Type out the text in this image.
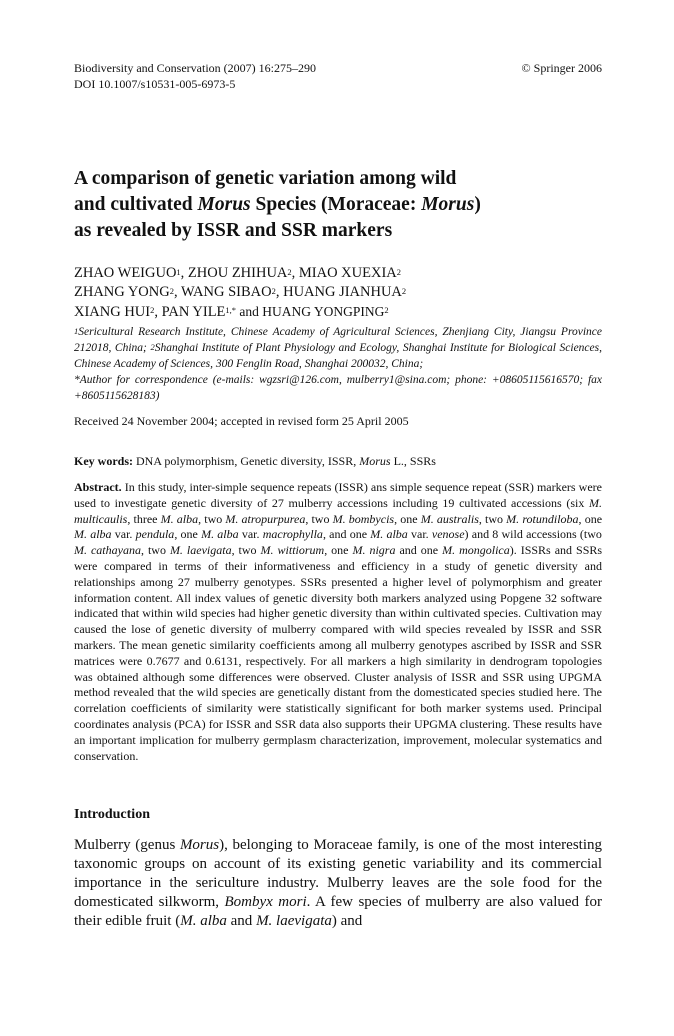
Biodiversity and Conservation (2007) 16:275–290
DOI 10.1007/s10531-005-6973-5
© Springer 2006
A comparison of genetic variation among wild
and cultivated Morus Species (Moraceae: Morus)
as revealed by ISSR and SSR markers
ZHAO WEIGUO$^1$, ZHOU ZHIHUA$^2$, MIAO XUEXIA$^2$
ZHANG YONG$^2$, WANG SIBAO$^2$, HUANG JIANHUA$^2$
XIANG HUI$^2$, PAN $YILE^{1,*}$ and HUANG YONGPING$^2$
$^1$Sericultural Research Institute, Chinese Academy of Agricultural Sciences, Zhenjiang City, Jiangsu Province 212018, China; $^2$Shanghai Institute of Plant Physiology and Ecology, Shanghai Institute for Biological Sciences, Chinese Academy of Sciences, 300 Fenglin Road, Shanghai 200032, China;
*Author for correspondence (e-mails: wgzsri@126.com, mulberry1@sina.com; phone: +08605115616570; fax +8605115628183)
Received 24 November 2004; accepted in revised form 25 April 2005
Key words: DNA polymorphism, Genetic diversity, ISSR, Morus L., SSRs
Abstract. In this study, inter-simple sequence repeats (ISSR) ans simple sequence repeat (SSR) markers were used to investigate genetic diversity of 27 mulberry accessions including 19 cultivated accessions (six M. multicaulis, three M. alba, two M. atropurpurea, two M. bombycis, one M. australis, two M. rotundiloba, one M. alba var. pendula, one M. alba var. macrophylla, and one M. alba var. venose) and 8 wild accessions (two M. cathayana, two M. laevigata, two M. wittiorum, one M. nigra and one M. mongolica). ISSRs and SSRs were compared in terms of their informativeness and efficiency in a study of genetic diversity and relationships among 27 mulberry genotypes. SSRs presented a higher level of polymorphism and greater information content. All index values of genetic diversity both markers analyzed using Popgene 32 software indicated that within wild species had higher genetic diversity than within cultivated species. Cultivation may caused the lose of genetic diversity of mulberry compared with wild species revealed by ISSR and SSR markers. The mean genetic similarity coefficients among all mulberry genotypes ascribed by ISSR and SSR matrices were 0.7677 and 0.6131, respectively. For all markers a high similarity in dendrogram topologies was obtained although some differences were observed. Cluster analysis of ISSR and SSR using UPGMA method revealed that the wild species are genetically distant from the domesticated species studied here. The correlation coefficients of similarity were statistically significant for both marker systems used. Principal coordinates analysis (PCA) for ISSR and SSR data also supports their UPGMA clustering. These results have an important implication for mulberry germplasm characterization, improvement, molecular systematics and conservation.
Introduction
Mulberry (genus Morus), belonging to Moraceae family, is one of the most interesting taxonomic groups on account of its existing genetic variability and its commercial importance in the sericulture industry. Mulberry leaves are the sole food for the domesticated silkworm, Bombyx mori. A few species of mulberry are also valued for their edible fruit (M. alba and M. laevigata) and
